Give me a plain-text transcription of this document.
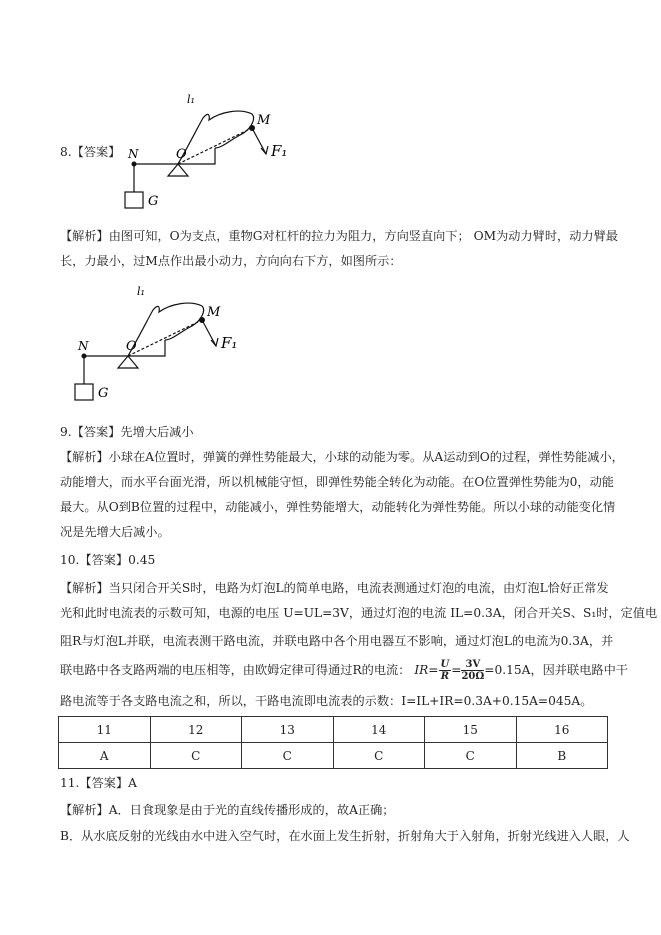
8.【答案】
l₁
M
O
N	F₁
G
【解析】由图可知，O为支点，重物G对杠杆的拉力为阻力，方向竖直向下； OM为动力臂时，动力臂最
长，力最小，过M点作出最小动力，方向向右下方，如图所示：
l₁
M
O
N	F₁
G
9.【答案】先增大后减小
【解析】小球在A位置时，弹簧的弹性势能最大，小球的动能为零。从A运动到O的过程，弹性势能减小，
动能增大，而水平台面光滑，所以机械能守恒，即弹性势能全转化为动能。在O位置弹性势能为0，动能
最大。从O到B位置的过程中，动能减小，弹性势能增大，动能转化为弹性势能。所以小球的动能变化情
况是先增大后减小。
10.【答案】0.45
【解析】当只闭合开关S时，电路为灯泡L的简单电路，电流表测通过灯泡的电流，由灯泡L恰好正常发
光和此时电流表的示数可知，电源的电压 U=UL=3V，通过灯泡的电流 IL=0.3A，闭合开关S、S₁时，定值电
阻R与灯泡L并联，电流表测干路电流，并联电路中各个用电器互不影响，通过灯泡L的电流为0.3A，并
联电路中各支路两端的电压相等，由欧姆定律可得通过R的电流： $IR= \frac{U}{R} = \frac{3V}{20\Omega} =0.15A$，因并联电路中干
路电流等于各支路电流之和，所以，干路电流即电流表的示数：I=IL+IR=0.3A+0.15A=045A。
11	12	13	14	15	16
A	C	C	C	C	B
11.【答案】A
【解析】A．日食现象是由于光的直线传播形成的，故A正确；
B．从水底反射的光线由水中进入空气时，在水面上发生折射，折射角大于入射角，折射光线进入人眼，人
